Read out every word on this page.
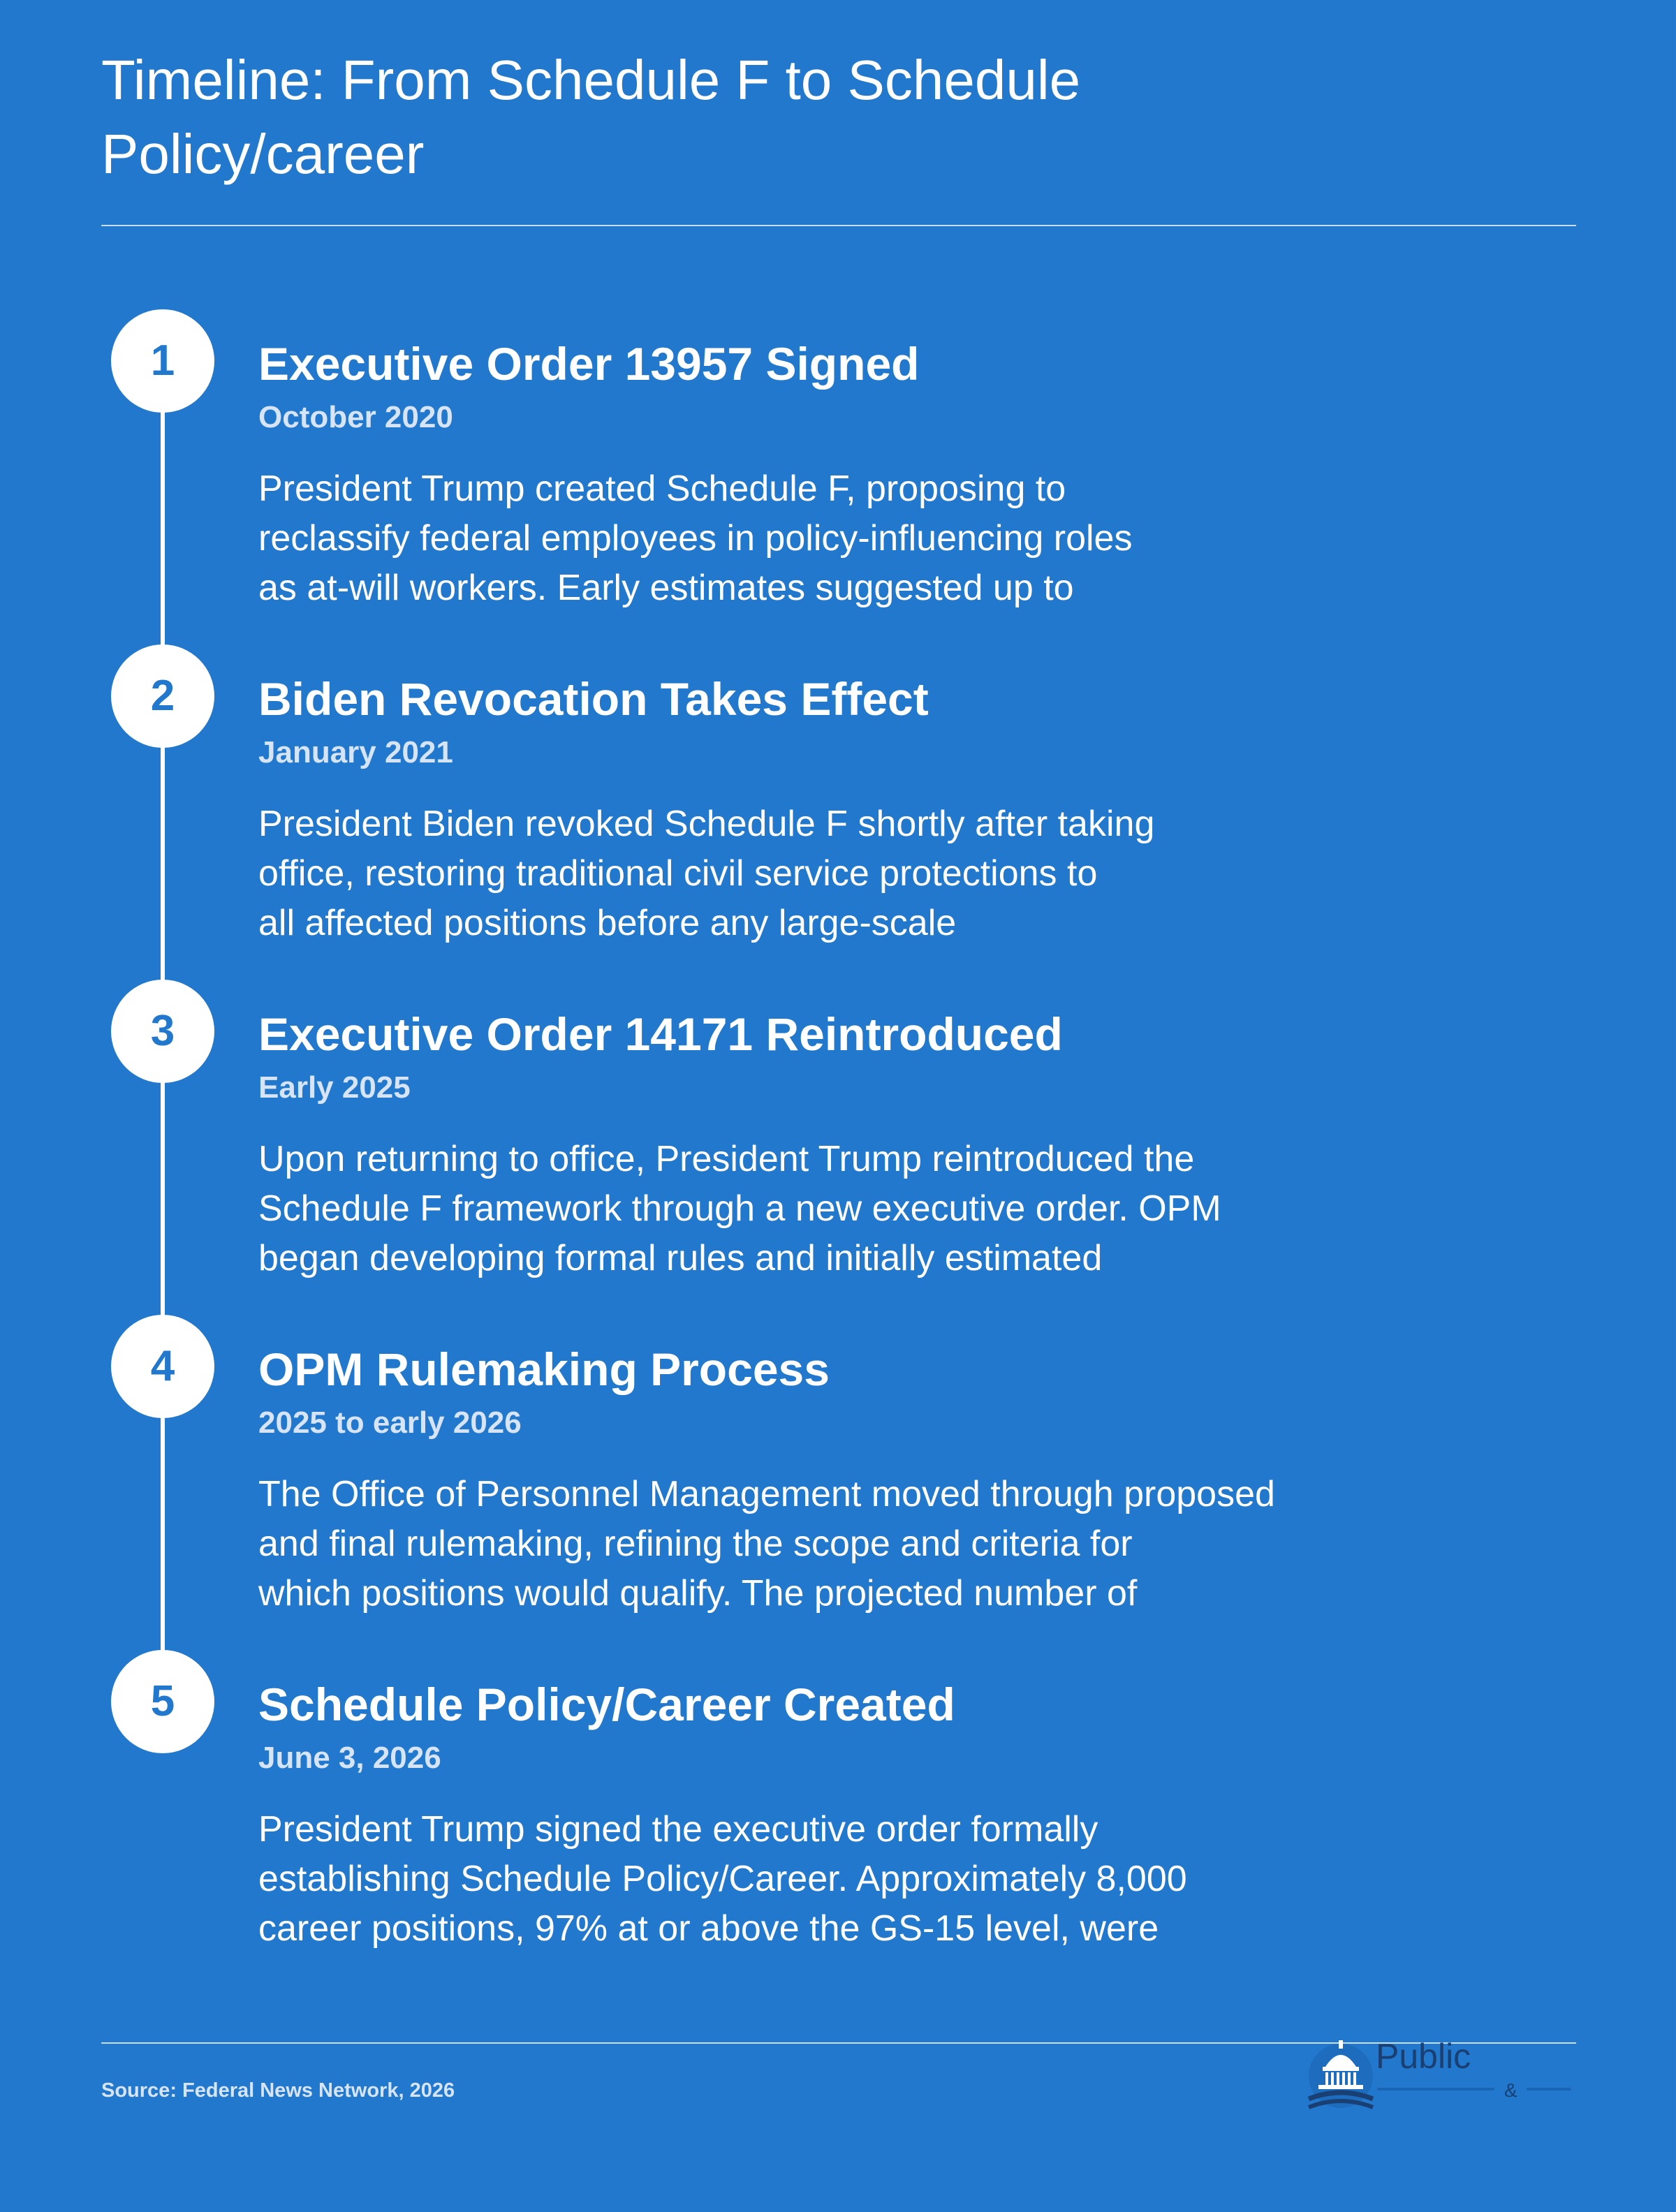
Timeline: From Schedule F to Schedule
Policy/career
1	Executive Order 13957 Signed
October 2020

President Trump created Schedule F, proposing to
reclassify federal employees in policy-influencing roles
as at-will workers. Early estimates suggested up to

2	Biden Revocation Takes Effect
January 2021

President Biden revoked Schedule F shortly after taking
office, restoring traditional civil service protections to
all affected positions before any large-scale

3	Executive Order 14171 Reintroduced
Early 2025

Upon returning to office, President Trump reintroduced the
Schedule F framework through a new executive order. OPM
began developing formal rules and initially estimated

4	OPM Rulemaking Process
2025 to early 2026

The Office of Personnel Management moved through proposed
and final rulemaking, refining the scope and criteria for
which positions would qualify. The projected number of

5	Schedule Policy/Career Created
June 3, 2026

President Trump signed the executive order formally
establishing Schedule Policy/Career. Approximately 8,000
career positions, 97% at or above the GS-15 level, were

Source: Federal News Network, 2026
Public
&
